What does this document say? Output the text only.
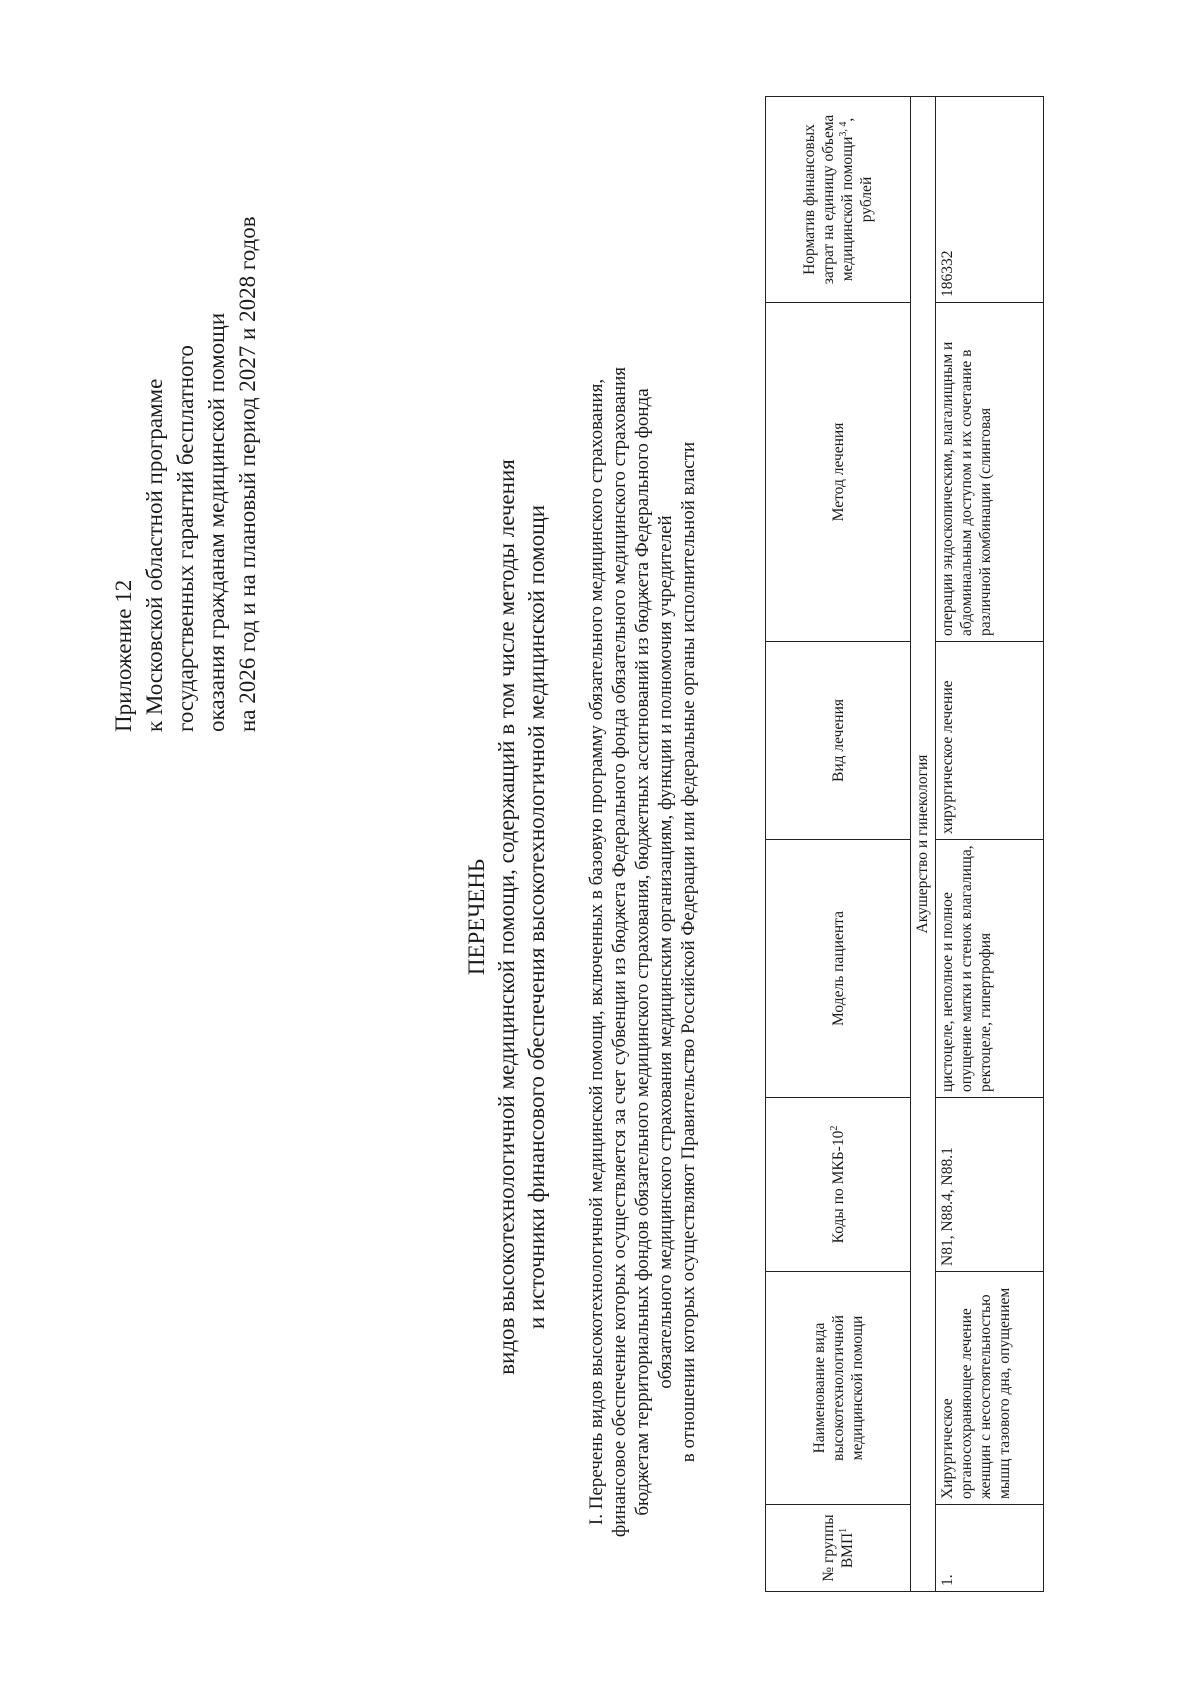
Приложение 12 к Московской областной программе государственных гарантий бесплатного оказания гражданам медицинской помощи на 2026 год и на плановый период 2027 и 2028 годов
ПЕРЕЧЕНЬ видов высокотехнологичной медицинской помощи, содержащий в том числе методы лечения и источники финансового обеспечения высокотехнологичной медицинской помощи I. Перечень видов высокотехнологичной медицинской помощи, включенных в базовую программу обязательного медицинского страхования, финансовое обеспечение которых осуществляется за счет субвенции из бюджета Федерального фонда обязательного медицинского страхования бюджетам территориальных фондов обязательного медицинского страхования, бюджетных ассигнований из бюджета Федерального фонда обязательного медицинского страхования медицинским организациям, функции и полномочия учредителей в отношении которых осуществляют Правительство Российской Федерации или федеральные органы исполнительной власти
№ группы ВМП$^1$	Наименование вида высокотехнологичной медицинской помощи	Коды по МКБ-$10^2$	Модель пациента	Вид лечения	Метод лечения	Норматив финансовых затрат на единицу объема медицинской помощи$^{3, 4}$, рублей
Акушерство и гинекология						

1.	Хирургическое органосохраняющее лечение женщин с несостоятельностью мышц тазового дна, опущением	N81, N88.4, N88.1	цистоцеле, неполное и полное опущение матки и стенок влагалища, ректоцеле, гипертрофия	хирургическое лечение	операции эндоскопическим, влагалищным и абдоминальным доступом и их сочетание в различной комбинации (слинговая	186332
